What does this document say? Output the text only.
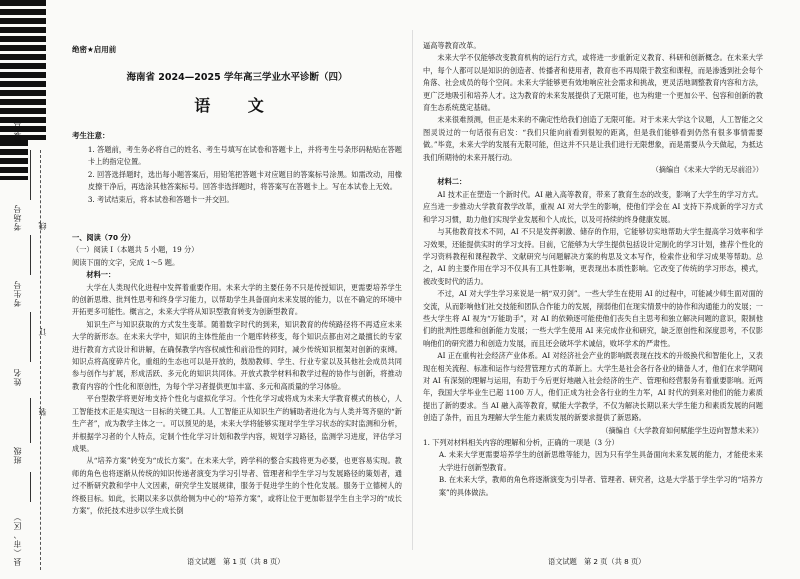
监考号
考场号
考生号
线
订
姓名
装
班级
县（市、区）
绝密★启用前
海南省 2024—2025 学年高三学业水平诊断（四）
语 文
考生注意：

1. 答题前，考生务必将自己的姓名、考生号填写在试卷和答题卡上，并将考生号条形码粘贴在答题卡上的指定位置。

2. 回答选择题时，选出每小题答案后，用铅笔把答题卡对应题目的答案标号涂黑。如需改动，用橡皮擦干净后，再选涂其他答案标号。回答非选择题时，将答案写在答题卡上。写在本试卷上无效。

3. 考试结束后，将本试卷和答题卡一并交回。

一、阅读（70 分）

（一）阅读 Ⅰ（本题共 5 小题，19 分）

阅读下面的文字，完成 1～5 题。

材料一：

大学在人类现代化进程中发挥着重要作用。未来大学的主要任务不只是传授知识，更需要培养学生的创新思维、批判性思考和终身学习能力，以帮助学生具备面向未来发展的能力，以在不确定的环境中开拓更多可能性。概言之，未来大学将从知识型教育转变为创新型教育。

知识生产与知识获取的方式发生变革。随着数字时代的到来，知识教育的传统路径将不再适应未来大学的新形态。在未来大学中，知识的主体性能由一个题库转移变，每个知识点都由对之最擅长的专家进行教育方式设计和讲解，在确保教学内容权威性和前沿性的同时，减少传统知识框架对创新的束缚。知识点将高度碎片化，重组的生态也可以是开放的，鼓励教师、学生、行业专家以及其他社会成员共同参与创作与扩展，形成活跃、多元化的知识共同体。开放式教学材料和教学过程的协作与创新，将推动教育内容的个性化和原创性，为每个学习者提供更加丰富、多元和高质量的学习体验。

平台型教学将更好地支持个性化与虚拟化学习。个性化学习或将成为未来大学教育模式的核心，人工智能技术正是实现这一目标的关键工具。人工智能正从知识生产的辅助者进化为与人类并驾齐驱的“新生产者”，成为教学主体之一。可以预见的是，未来大学将能够实现对学生学习状态的实时监测和分析，并根据学习者的个人特点，定制个性化学习计划和教学内容，规划学习路径，监测学习进度，评估学习成果。

从“培养方案”转变为“成长方案”。在未来大学，跨学科的整合实践将更为必要，也更容易实现。教师的角色也将逐渐从传统的知识传递者演变为学习引导者、管理者和学生学习与发展路径的策划者，通过不断研究教和学中人文因素，研究学生发展规律，服务于促进学生的个性化发展。服务于立德树人的终极目标。如此，长期以来多以供给侧为中心的“培养方案”，或将让位于更加彰显学生自主学习的“成长方案”，依托技术进步以学生成长倒

语文试题　第 1 页（共 8 页）

逼高等教育改革。

未来大学不仅能够改变教育机构的运行方式，或将进一步重新定义教育、科研和创新概念。在未来大学中，每个人都可以是知识的创造者、传播者和使用者，教育也不再局限于教室和课程，而是渗透到社会每个角落、社会成员的每个空间。未来大学能够更有效地响应社会需求和挑战，更灵活地调整教育内容和方法，更广泛地吸引和培养人才。这为教育的未来发展提供了无限可能，也为构建一个更加公平、包容和创新的教育生态系统奠定基础。

未来很难预测，但正是未来的不确定性给我们创造了无限可能。对于未来大学这个议题，人工智能之父图灵说过的一句话很有启发：“我们只能向前看到很短的距离，但是我们能够看到仍然有很多事情需要做。”毕竟，未来大学的发展有无限可能，但这并不只是让我们进行无限想象，而是需要从今天做起，为抵达我们所期待的未来开展行动。

（摘编自《未来大学的无尽前沿》）

材料二：

AI 技术正在塑造一个新时代。AI 融入高等教育，带来了教育生态的改变，影响了大学生的学习方式。应当进一步推动大学教育教学改革，重视 AI 对大学生的影响，使他们学会在 AI 支持下养成新的学习方式和学习习惯，助力他们实现学业发展和个人成长，以及可持续的终身健康发展。

与其他教育技术不同，AI 不只是发挥刺激、储存的作用，它能够切实地帮助大学生提高学习效率和学习效果，还能提供实时的学习支持。目前，它能够为大学生提供包括设计定制化的学习计划，推荐个性化的学习资料教程和课程教学、文献研究与问题解决方案的构思及文本写作，检索作业和学习成果等帮助。总之，AI 的主要作用在学习不仅具有工具性影响，更表现出本质性影响。它改变了传统的学习形态，模式，被改变时代的活力。

不过，AI 对大学生学习来说是一柄“双刃剑”。一些大学生在使用 AI 的过程中，可能减少师生面对面的交流，从而影响他们社交技能和团队合作能力的发展，削弱他们在现实情景中的协作和沟通能力的发展；一些大学生将 AI 视为“万能助手”，对 AI 的依赖逐可能使他们丧失自主思考和独立解决问题的意识，限制他们的批判性思维和创新能力发展；一些大学生使用 AI 来完成作业和研究，缺乏原创性和深度思考，不仅影响他们的研究潜力和创造力发展，而且还会破坏学术诚信，败坏学术的严肃性。

AI 正在重构社会经济产业体系。AI 对经济社会产业的影响既表现在技术的升级换代和智能化上，又表现在相关流程、标准和运作与经营管理方式的革新上。大学生是社会各行各业的储备人才，他们在求学期间对 AI 有深刻的理解与运用，有助于今后更好地融入社会经济的生产、管理和经营服务有着重要影响。近两年，我国大学毕业生已超 1100 万人，他们正成为社会各行业的生力军，AI 时代的到来对他们的能力素质提出了新的要求。当 AI 融入高等教育，赋能大学教学，不仅为解决长期以来大学生能力和素质发展的问题创造了条件，而且为理解大学生能力素质发展的新要求提供了新思路。

（摘编自《大学教育如何赋能学生迈向智慧未来》）

1. 下列对材料相关内容的理解和分析，正确的一项是（3 分）

A. 未来大学更需要培养学生的创新思维等能力，因为只有学生具备面向未来发展的能力，才能使未来大学进行创新型教育。

B. 在未来大学，教师的角色将逐渐演变为引导者、管理者、研究者，这是大学基于学生学习的“培养方案”的具体做法。

语文试题　第 2 页（共 8 页）
